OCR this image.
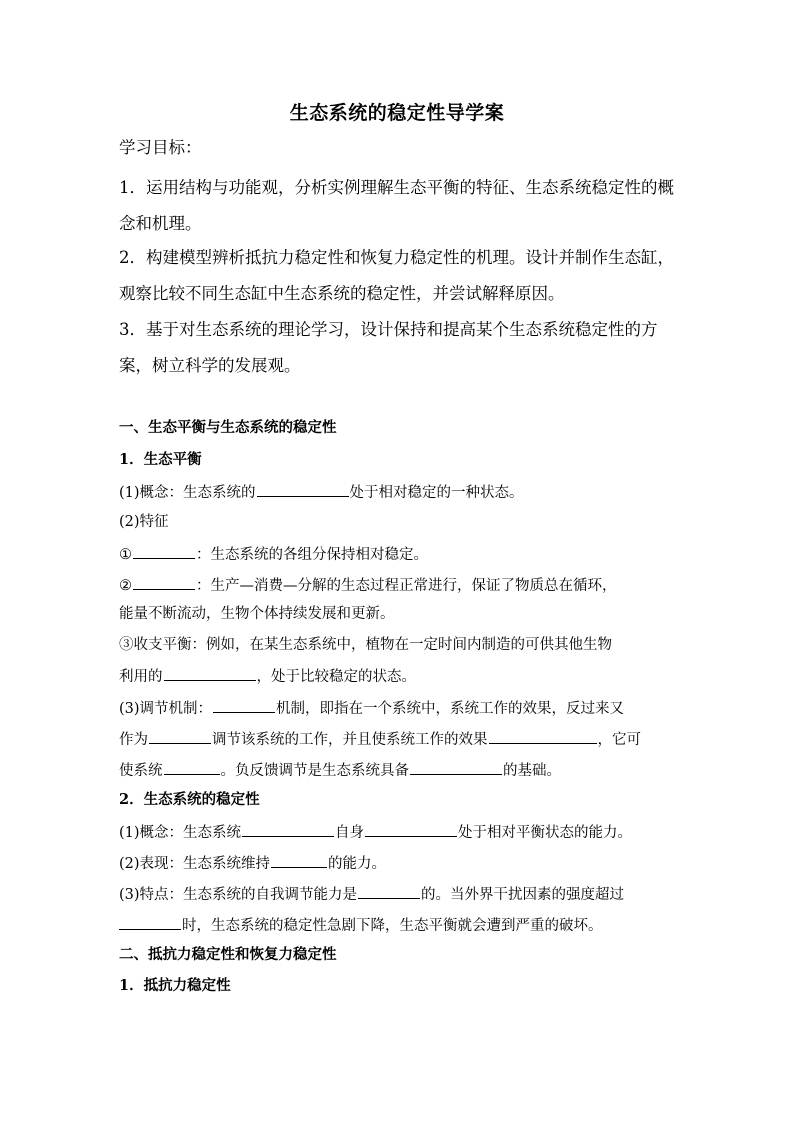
生态系统的稳定性导学案
学习目标：
1．运用结构与功能观，分析实例理解生态平衡的特征、生态系统稳定性的概念和机理。
2．构建模型辨析抵抗力稳定性和恢复力稳定性的机理。设计并制作生态缸，观察比较不同生态缸中生态系统的稳定性，并尝试解释原因。
3．基于对生态系统的理论学习，设计保持和提高某个生态系统稳定性的方案，树立科学的发展观。
一、生态平衡与生态系统的稳定性
1．生态平衡
(1)概念：生态系统的	处于相对稳定的一种状态。
(2)特征
①	：生态系统的各组分保持相对稳定。
②	：生产—消费—分解的生态过程正常进行，保证了物质总在循环，
能量不断流动，生物个体持续发展和更新。
③收支平衡：例如，在某生态系统中，植物在一定时间内制造的可供其他生物
利用的	，处于比较稳定的状态。
(3)调节机制：	机制，即指在一个系统中，系统工作的效果，反过来又
作为	调节该系统的工作，并且使系统工作的效果	，它可
使系统	。负反馈调节是生态系统具备	的基础。
2．生态系统的稳定性
(1)概念：生态系统	自身	处于相对平衡状态的能力。
(2)表现：生态系统维持	的能力。
(3)特点：生态系统的自我调节能力是	的。当外界干扰因素的强度超过
时，生态系统的稳定性急剧下降，生态平衡就会遭到严重的破坏。
二、抵抗力稳定性和恢复力稳定性
1．抵抗力稳定性
